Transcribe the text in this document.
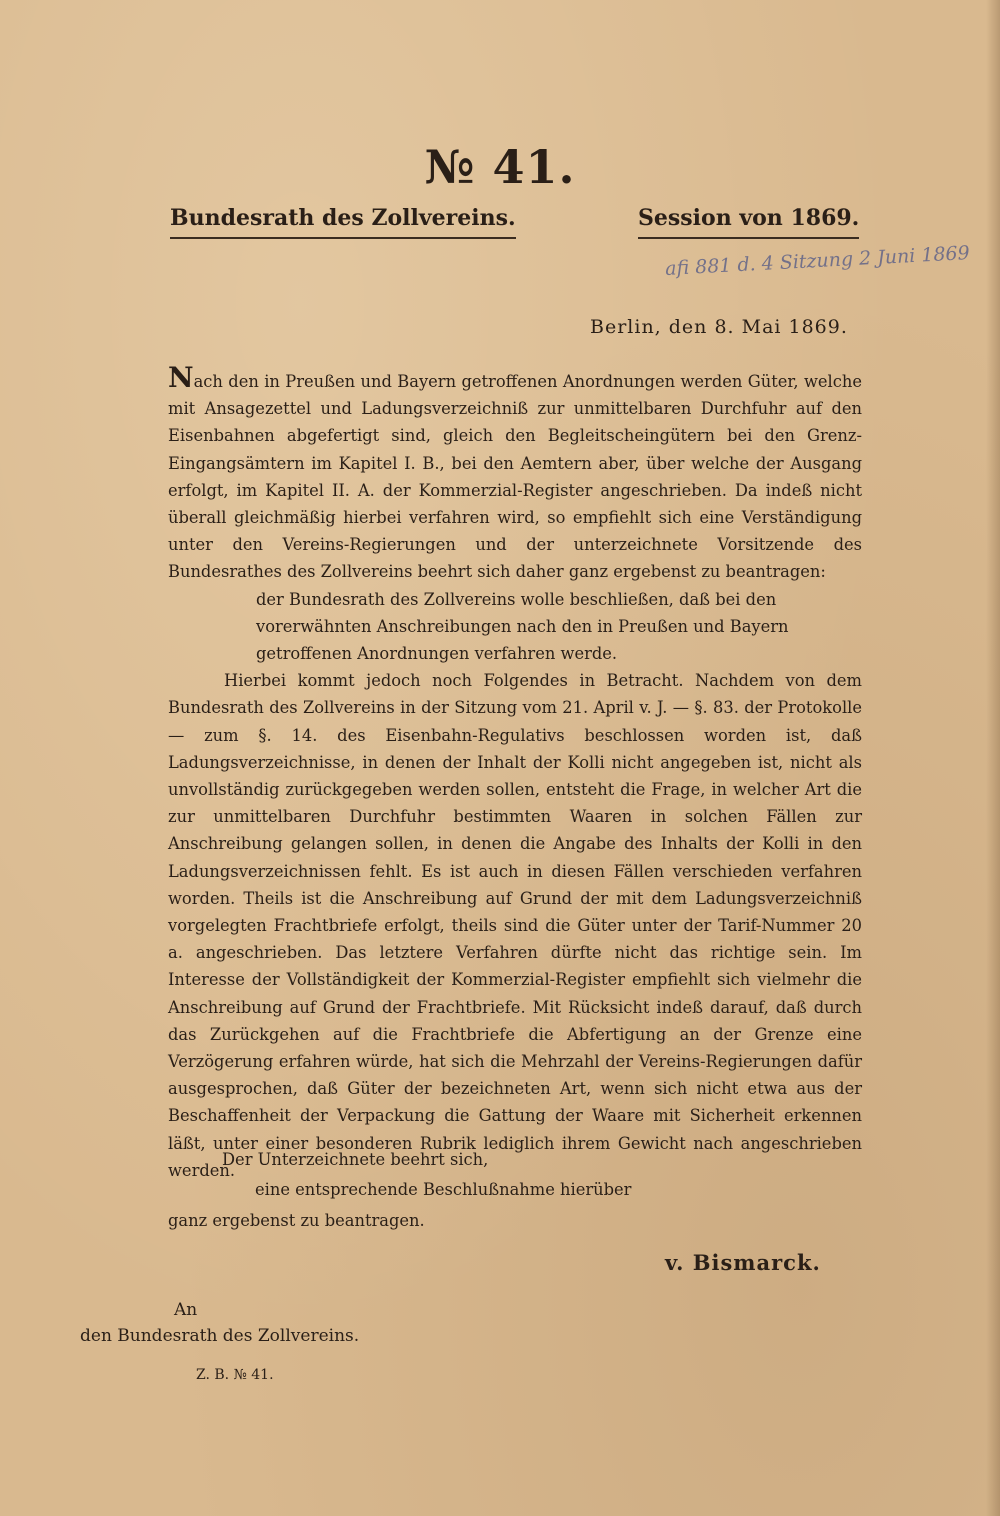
№ 41.
Bundesrath des Zollvereins.	Session von 1869.
afi 881 d. 4 Sitzung 2 Juni 1869
Berlin, den 8. Mai 1869.

Nach den in Preußen und Bayern getroffenen Anordnungen werden Güter, welche mit Ansagezettel und Ladungsverzeichniß zur unmittelbaren Durchfuhr auf den Eisenbahnen abgefertigt sind, gleich den Begleitscheingütern bei den Grenz-Eingangsämtern im Kapitel I. B., bei den Aemtern aber, über welche der Ausgang erfolgt, im Kapitel II. A. der Kommerzial-Register angeschrieben. Da indeß nicht überall gleichmäßig hierbei verfahren wird, so empfiehlt sich eine Verständigung unter den Vereins-Regierungen und der unterzeichnete Vorsitzende des Bundesrathes des Zollvereins beehrt sich daher ganz ergebenst zu beantragen:

der Bundesrath des Zollvereins wolle beschließen, daß bei den vorerwähnten Anschreibungen nach den in Preußen und Bayern getroffenen Anordnungen verfahren werde.

Hierbei kommt jedoch noch Folgendes in Betracht. Nachdem von dem Bundesrath des Zollvereins in der Sitzung vom 21. April v. J. — §. 83. der Protokolle — zum §. 14. des Eisenbahn-Regulativs beschlossen worden ist, daß Ladungsverzeichnisse, in denen der Inhalt der Kolli nicht angegeben ist, nicht als unvollständig zurückgegeben werden sollen, entsteht die Frage, in welcher Art die zur unmittelbaren Durchfuhr bestimmten Waaren in solchen Fällen zur Anschreibung gelangen sollen, in denen die Angabe des Inhalts der Kolli in den Ladungsverzeichnissen fehlt. Es ist auch in diesen Fällen verschieden verfahren worden. Theils ist die Anschreibung auf Grund der mit dem Ladungsverzeichniß vorgelegten Frachtbriefe erfolgt, theils sind die Güter unter der Tarif-Nummer 20 a. angeschrieben. Das letztere Verfahren dürfte nicht das richtige sein. Im Interesse der Vollständigkeit der Kommerzial-Register empfiehlt sich vielmehr die Anschreibung auf Grund der Frachtbriefe. Mit Rücksicht indeß darauf, daß durch das Zurückgehen auf die Frachtbriefe die Abfertigung an der Grenze eine Verzögerung erfahren würde, hat sich die Mehrzahl der Vereins-Regierungen dafür ausgesprochen, daß Güter der bezeichneten Art, wenn sich nicht etwa aus der Beschaffenheit der Verpackung die Gattung der Waare mit Sicherheit erkennen läßt, unter einer besonderen Rubrik lediglich ihrem Gewicht nach angeschrieben werden.

Der Unterzeichnete beehrt sich,
eine entsprechende Beschlußnahme hierüber
ganz ergebenst zu beantragen.
v. Bismarck.
An
den Bundesrath des Zollvereins.
Z. B. № 41.
